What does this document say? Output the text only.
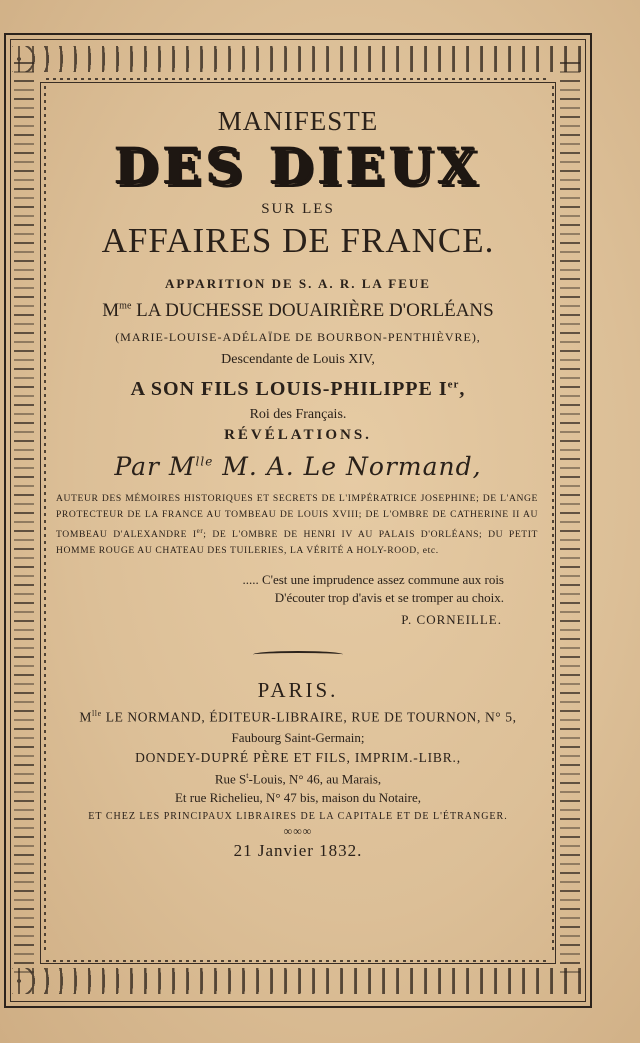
MANIFESTE
DES DIEUX
SUR LES
AFFAIRES DE FRANCE.
APPARITION DE S. A. R. LA FEUE
$M^{me}$ LA DUCHESSE DOUAIRIÈRE D'ORLÉANS
(MARIE-LOUISE-ADÉLAÏDE DE BOURBON-PENTHIÈVRE),
Descendante de Louis XIV,
A SON FILS LOUIS-PHILIPPE Ier,
Roi des Français.
RÉVÉLATIONS.
Par $M^{lle}$ M. A. Le Normand,
AUTEUR DES MÉMOIRES HISTORIQUES ET SECRETS DE L'IMPÉRATRICE JOSEPHINE; DE L'ANGE PROTECTEUR DE LA FRANCE AU TOMBEAU DE LOUIS XVIII; DE L'OMBRE DE CATHERINE II AU TOMBEAU D'ALEXANDRE Ier; DE L'OMBRE DE HENRI IV AU PALAIS D'ORLÉANS; DU PETIT HOMME ROUGE AU CHATEAU DES TUILERIES, LA VÉRITÉ A HOLY-ROOD, etc.
..... C'est une imprudence assez commune aux rois
D'écouter trop d'avis et se tromper au choix.
P. CORNEILLE.
PARIS.
$M^{lle}$ LE NORMAND, ÉDITEUR-LIBRAIRE, RUE DE TOURNON, N° 5,
Faubourg Saint-Germain;
DONDEY-DUPRÉ PÈRE ET FILS, IMPRIM.-LIBR.,
Rue $S^t$-Louis, N° 46, au Marais,
Et rue Richelieu, N° 47 bis, maison du Notaire,
ET CHEZ LES PRINCIPAUX LIBRAIRES DE LA CAPITALE ET DE L'ÉTRANGER.
∞∞∞
21 Janvier 1832.
